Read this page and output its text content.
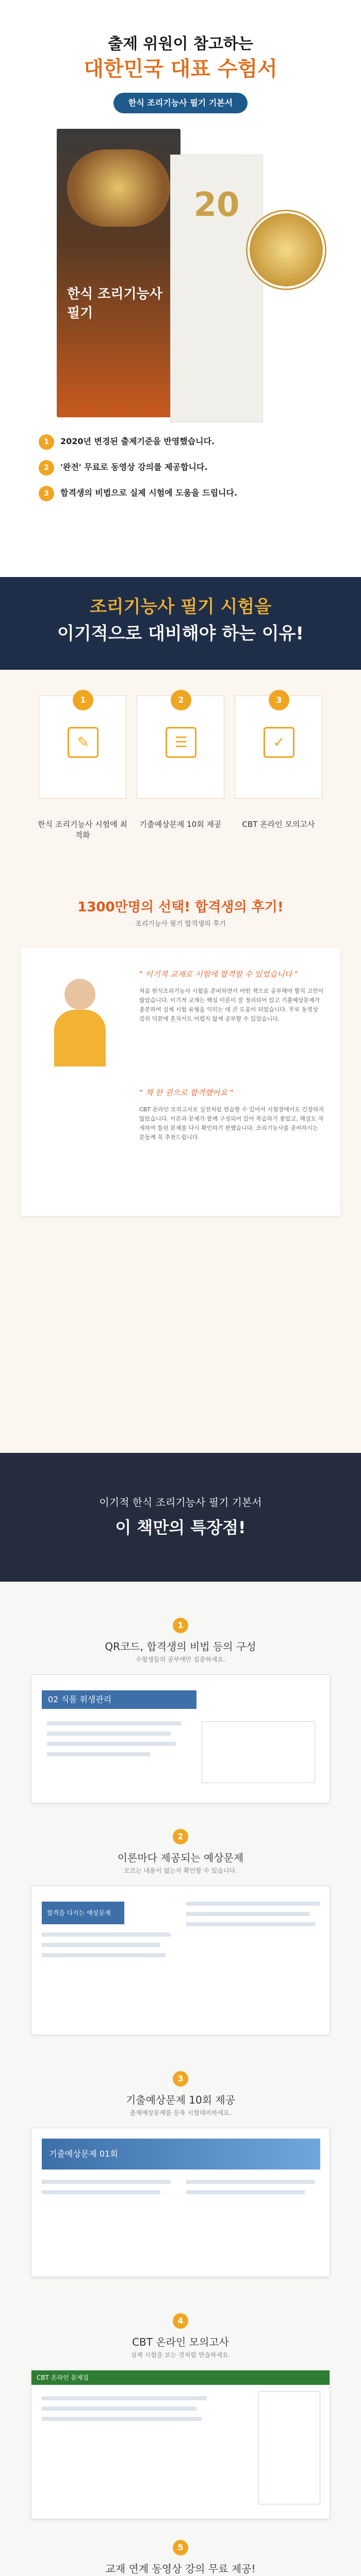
출제 위원이 참고하는
대한민국 대표 수험서
한식 조리기능사 필기 기본서
한식 조리기능사 필기
20
1 2020년 변경된 출제기준을 반영했습니다.
2 '완전' 무료로 동영상 강의를 제공합니다.
3 합격생의 비법으로 실제 시험에 도움을 드립니다.
조리기능사 필기 시험을
이기적으로 대비해야 하는 이유!
1
✎
2
☰
3
✓
한식 조리기능사 시험에 최적화
기출예상문제 10회 제공	CBT 온라인 모의고사
1300만명의 선택! 합격생의 후기!
조리기능사 필기 합격생의 후기
" 이기적 교재로 시험에 합격할 수 있었습니다 "
처음 한식조리기능사 시험을 준비하면서 어떤 책으로 공부해야 할지 고민이 많았습니다. 이기적 교재는 핵심 이론이 잘 정리되어 있고 기출예상문제가 충분하여 실제 시험 유형을 익히는 데 큰 도움이 되었습니다. 무료 동영상 강의 덕분에 혼자서도 어렵지 않게 공부할 수 있었습니다.
" 책 한 권으로 합격했어요 "
CBT 온라인 모의고사로 실전처럼 연습할 수 있어서 시험장에서도 긴장하지 않았습니다. 이론과 문제가 함께 구성되어 있어 복습하기 좋았고, 해설도 자세하여 틀린 문제를 다시 확인하기 편했습니다. 조리기능사를 준비하시는 분들께 꼭 추천드립니다.
이기적 한식 조리기능사 필기 기본서
이 책만의 특장점!
1
QR코드, 합격생의 비법 등의 구성
수험생들의 공부에만 집중하세요.
02 식품 위생관리
2
이론마다 제공되는 예상문제
모르는 내용이 없는지 확인할 수 있습니다.
합격을 다지는 예상문제
3
기출예상문제 10회 제공
출제예상문제를 등록 시험대비하세요.
기출예상문제 01회
4
CBT 온라인 모의고사
실제 시험을 보는 것처럼 연습하세요.
CBT 온라인 문제집
5
교재 연계 동영상 강의 무료 제공!
